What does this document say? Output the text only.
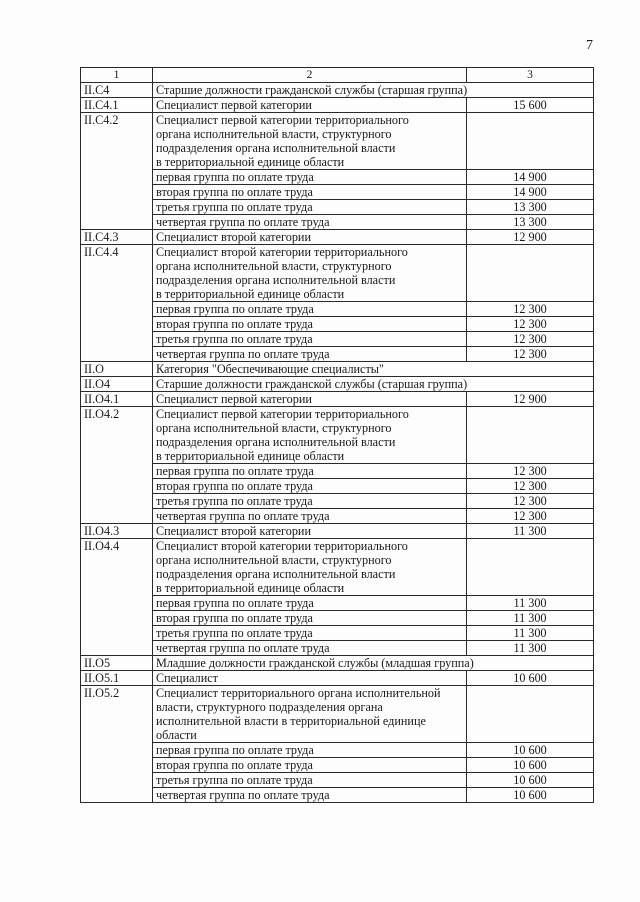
7
1	2	3
II.C4	Старшие должности гражданской службы (старшая группа)	
II.C4.1	Специалист первой категории	15 600
II.C4.2	Специалист первой категории территориального
органа исполнительной власти, структурного
подразделения органа исполнительной власти
в территориальной единице области	
	первая группа по оплате труда	14 900
	вторая группа по оплате труда	14 900
	третья группа по оплате труда	13 300
	четвертая группа по оплате труда	13 300
II.C4.3	Специалист второй категории	12 900
II.C4.4	Специалист второй категории территориального
органа исполнительной власти, структурного
подразделения органа исполнительной власти
в территориальной единице области	
	первая группа по оплате труда	12 300
	вторая группа по оплате труда	12 300
	третья группа по оплате труда	12 300
	четвертая группа по оплате труда	12 300
II.O	Категория "Обеспечивающие специалисты"	
II.O4	Старшие должности гражданской службы (старшая группа)	
II.O4.1	Специалист первой категории	12 900
II.O4.2	Специалист первой категории территориального
органа исполнительной власти, структурного
подразделения органа исполнительной власти
в территориальной единице области	
	первая группа по оплате труда	12 300
	вторая группа по оплате труда	12 300
	третья группа по оплате труда	12 300
	четвертая группа по оплате труда	12 300
II.O4.3	Специалист второй категории	11 300
II.O4.4	Специалист второй категории территориального
органа исполнительной власти, структурного
подразделения органа исполнительной власти
в территориальной единице области	
	первая группа по оплате труда	11 300
	вторая группа по оплате труда	11 300
	третья группа по оплате труда	11 300
	четвертая группа по оплате труда	11 300
II.O5	Младшие должности гражданской службы (младшая группа)	
II.O5.1	Специалист	10 600
II.O5.2	Специалист территориального органа исполнительной
власти, структурного подразделения органа
исполнительной власти в территориальной единице
области	
	первая группа по оплате труда	10 600
	вторая группа по оплате труда	10 600
	третья группа по оплате труда	10 600
	четвертая группа по оплате труда	10 600
